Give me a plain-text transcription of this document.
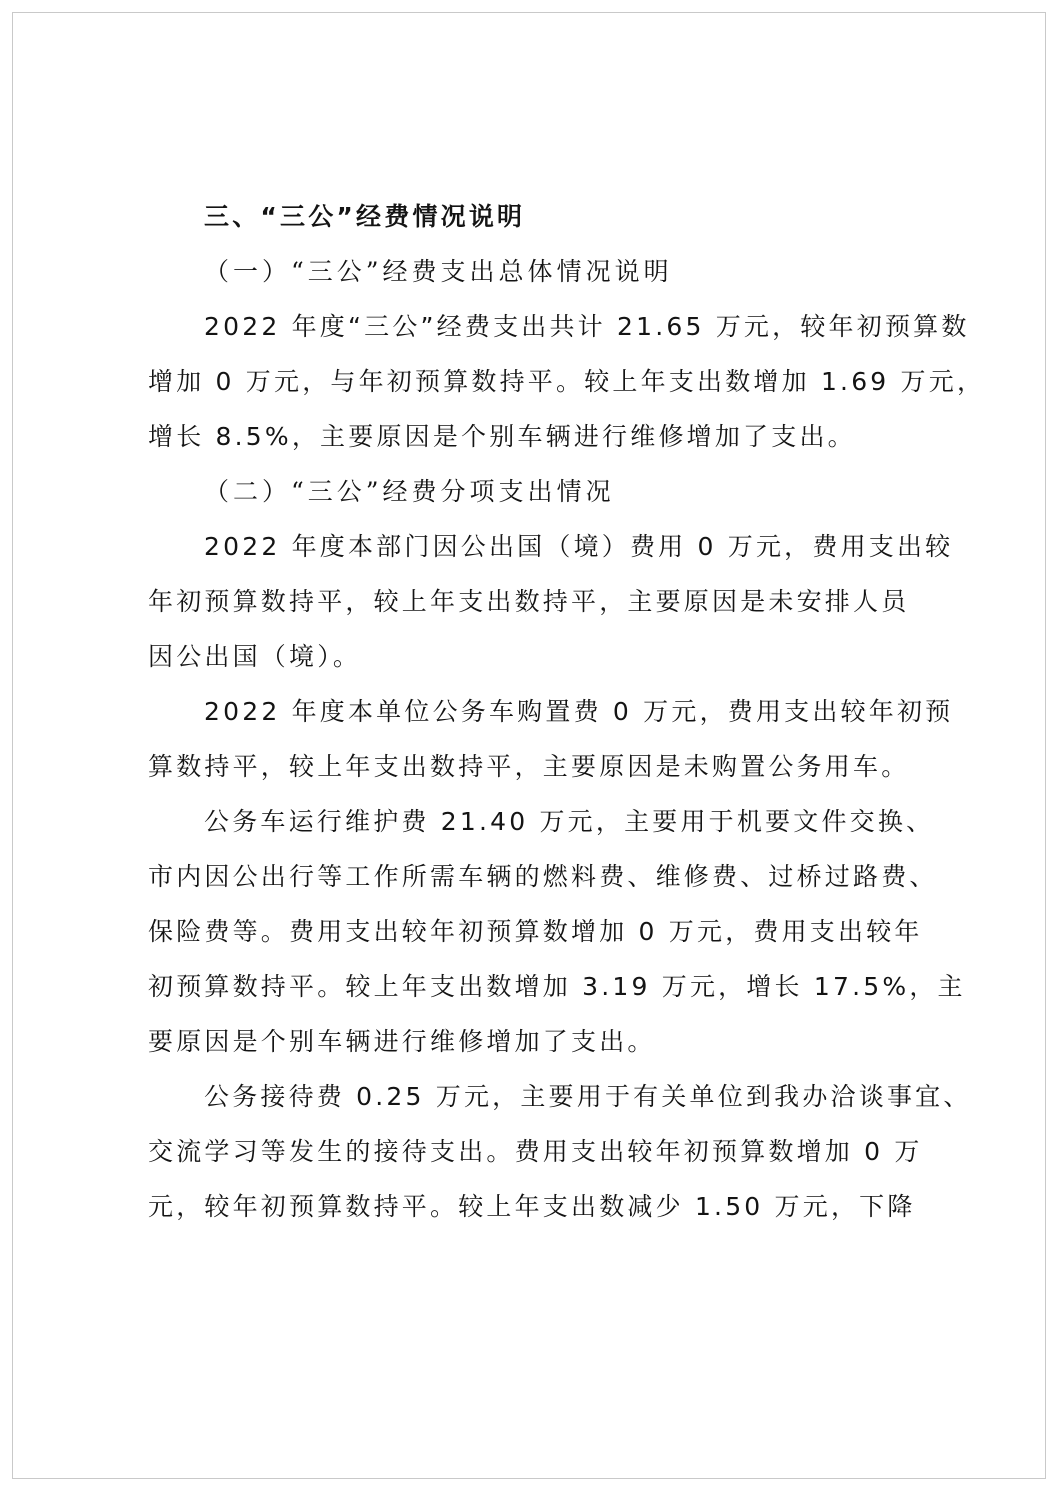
三、“三公”经费情况说明
（一）“三公”经费支出总体情况说明
2022 年度“三公”经费支出共计 21.65 万元，较年初预算数
增加 0 万元，与年初预算数持平。较上年支出数增加 1.69 万元，
增长 8.5%，主要原因是个别车辆进行维修增加了支出。
（二）“三公”经费分项支出情况
2022 年度本部门因公出国（境）费用 0 万元，费用支出较
年初预算数持平，较上年支出数持平，主要原因是未安排人员
因公出国（境）。
2022 年度本单位公务车购置费 0 万元，费用支出较年初预
算数持平，较上年支出数持平，主要原因是未购置公务用车。
公务车运行维护费 21.40 万元，主要用于机要文件交换、
市内因公出行等工作所需车辆的燃料费、维修费、过桥过路费、
保险费等。费用支出较年初预算数增加 0 万元，费用支出较年
初预算数持平。较上年支出数增加 3.19 万元，增长 17.5%，主
要原因是个别车辆进行维修增加了支出。
公务接待费 0.25 万元，主要用于有关单位到我办洽谈事宜、
交流学习等发生的接待支出。费用支出较年初预算数增加 0 万
元，较年初预算数持平。较上年支出数减少 1.50 万元，下降
